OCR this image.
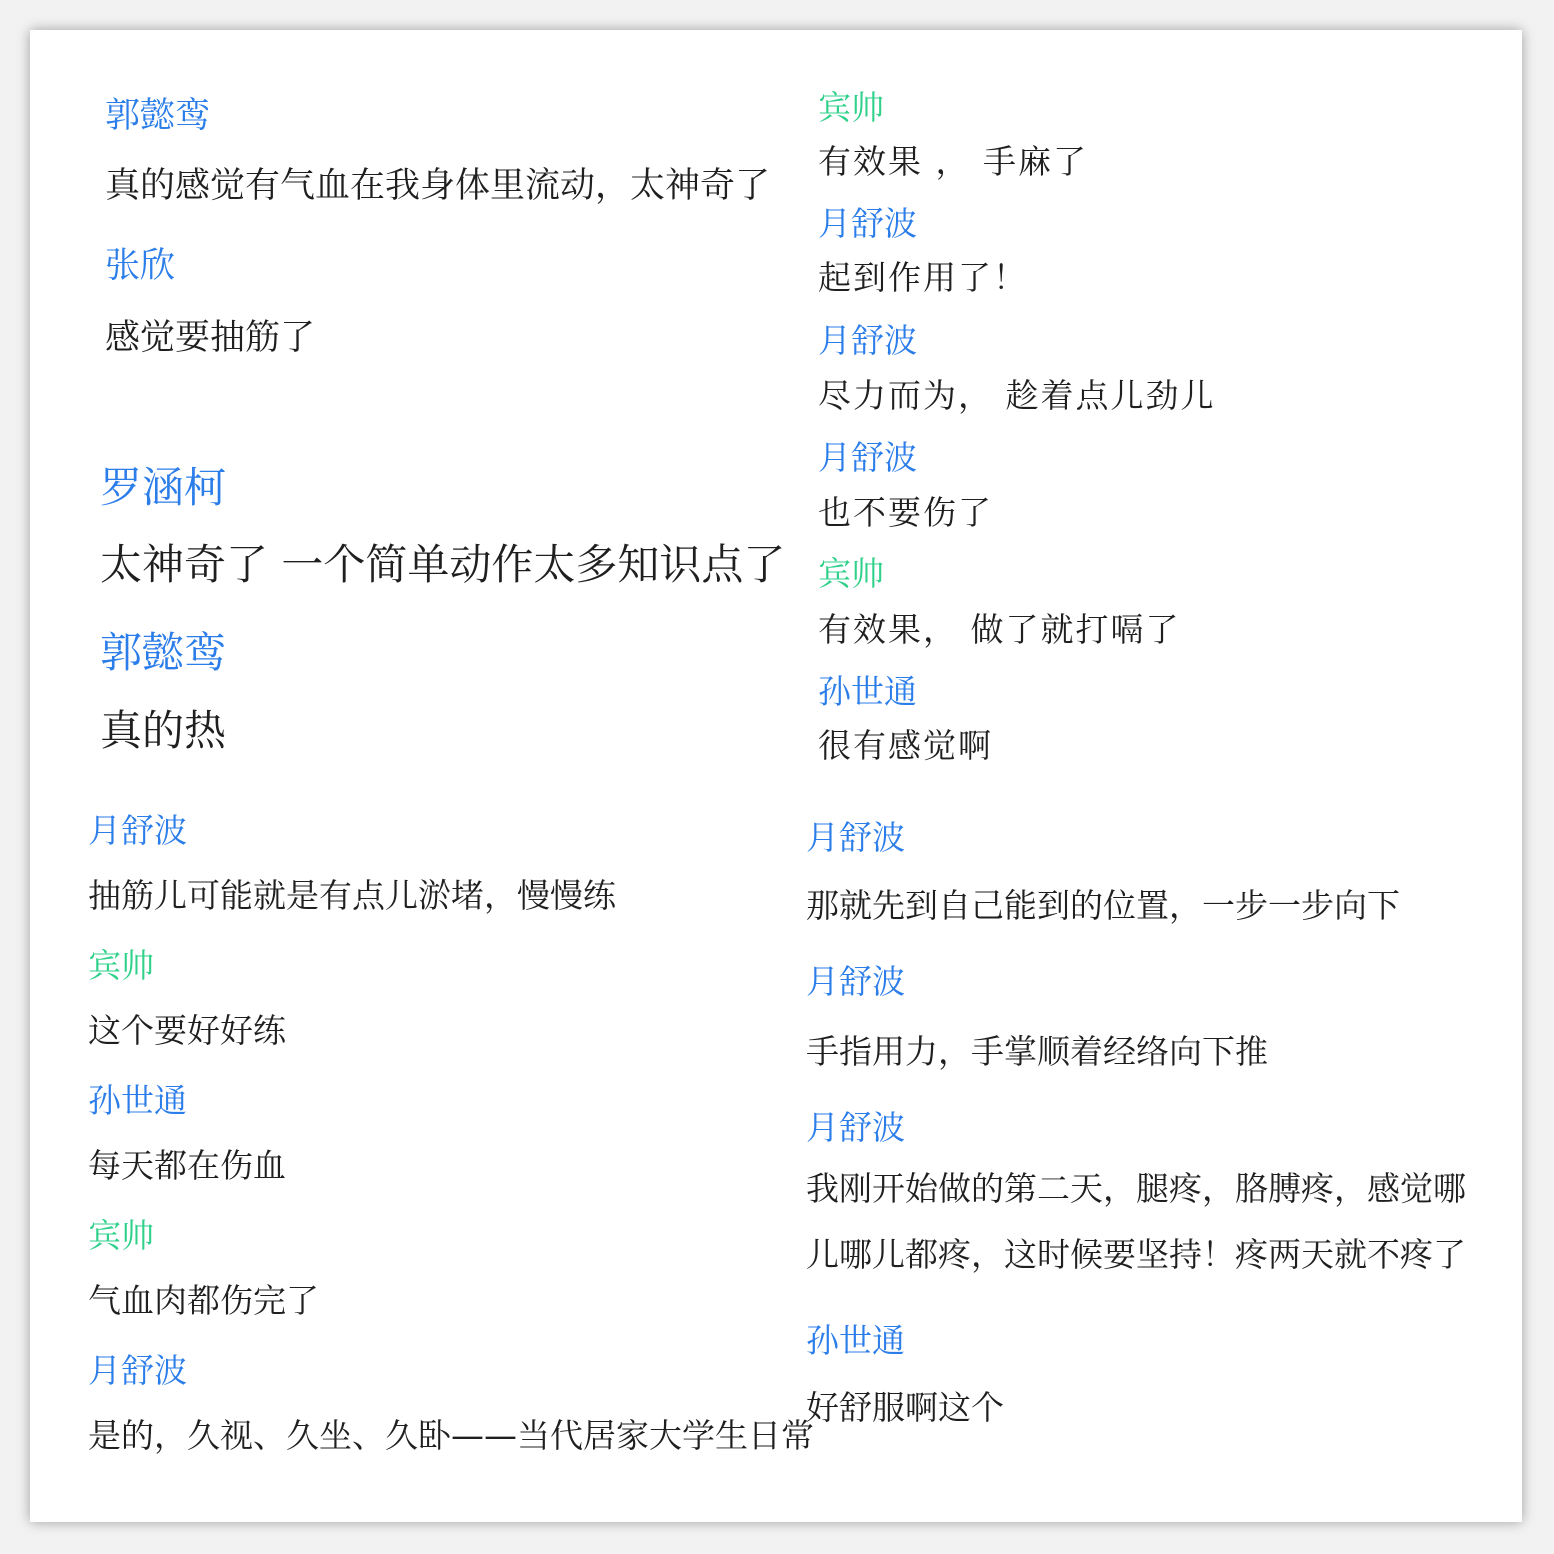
郭懿鸾
真的感觉有气血在我身体里流动，太神奇了
张欣
感觉要抽筋了
罗涵柯
太神奇了 一个简单动作太多知识点了
郭懿鸾
真的热
月舒波
抽筋儿可能就是有点儿淤堵，慢慢练
宾帅
这个要好好练
孙世通
每天都在伤血
宾帅
气血肉都伤完了
月舒波
是的，久视、久坐、久卧——当代居家大学生日常
宾帅
有效果 ， 手麻了
月舒波
起到作用了！
月舒波
尽力而为， 趁着点儿劲儿
月舒波
也不要伤了
宾帅
有效果， 做了就打嗝了
孙世通
很有感觉啊
月舒波
那就先到自己能到的位置，一步一步向下
月舒波
手指用力，手掌顺着经络向下推
月舒波
我刚开始做的第二天，腿疼，胳膊疼，感觉哪儿哪儿都疼，这时候要坚持！疼两天就不疼了
孙世通
好舒服啊这个
